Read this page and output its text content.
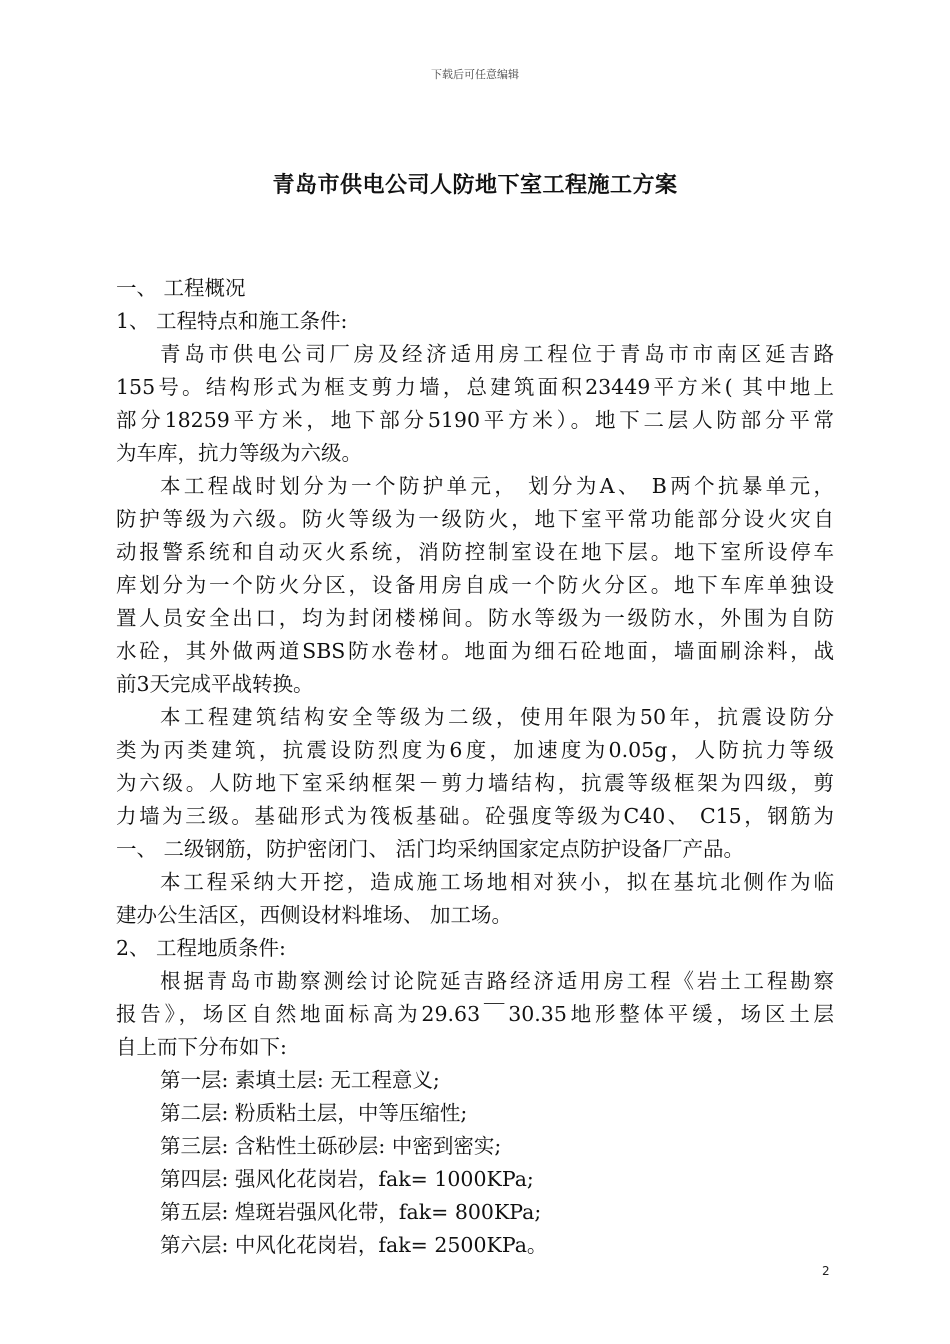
下载后可任意编辑
青岛市供电公司人防地下室工程施工方案
一、 工程概况
1、 工程特点和施工条件:
青岛市供电公司厂房及经济适用房工程位于青岛市市南区延吉路
155号。结构形式为框支剪力墙，总建筑面积23449平方米( 其中地上
部分18259平方米，地下部分5190平方米）。地下二层人防部分平常
为车库，抗力等级为六级。
本工程战时划分为一个防护单元， 划分为A、 B两个抗暴单元，
防护等级为六级。防火等级为一级防火，地下室平常功能部分设火灾自
动报警系统和自动灭火系统，消防控制室设在地下层。地下室所设停车
库划分为一个防火分区，设备用房自成一个防火分区。地下车库单独设
置人员安全出口，均为封闭楼梯间。防水等级为一级防水，外围为自防
水砼，其外做两道SBS防水卷材。地面为细石砼地面，墙面刷涂料，战
前3天完成平战转换。
本工程建筑结构安全等级为二级，使用年限为50年，抗震设防分
类为丙类建筑，抗震设防烈度为6度，加速度为0.05g，人防抗力等级
为六级。人防地下室采纳框架－剪力墙结构，抗震等级框架为四级，剪
力墙为三级。基础形式为筏板基础。砼强度等级为C40、 C15，钢筋为
一、 二级钢筋，防护密闭门、 活门均采纳国家定点防护设备厂产品。
本工程采纳大开挖，造成施工场地相对狭小，拟在基坑北侧作为临
建办公生活区，西侧设材料堆场、 加工场。
2、 工程地质条件:
根据青岛市勘察测绘讨论院延吉路经济适用房工程《岩土工程勘察
报告》，场区自然地面标高为29.63￣30.35地形整体平缓，场区土层
自上而下分布如下:
第一层: 素填土层: 无工程意义;
第二层: 粉质粘土层，中等压缩性;
第三层: 含粘性土砾砂层: 中密到密实;
第四层: 强风化花岗岩，fak= 1000KPa;
第五层: 煌斑岩强风化带，fak= 800KPa;
第六层: 中风化花岗岩，fak= 2500KPa。
2
